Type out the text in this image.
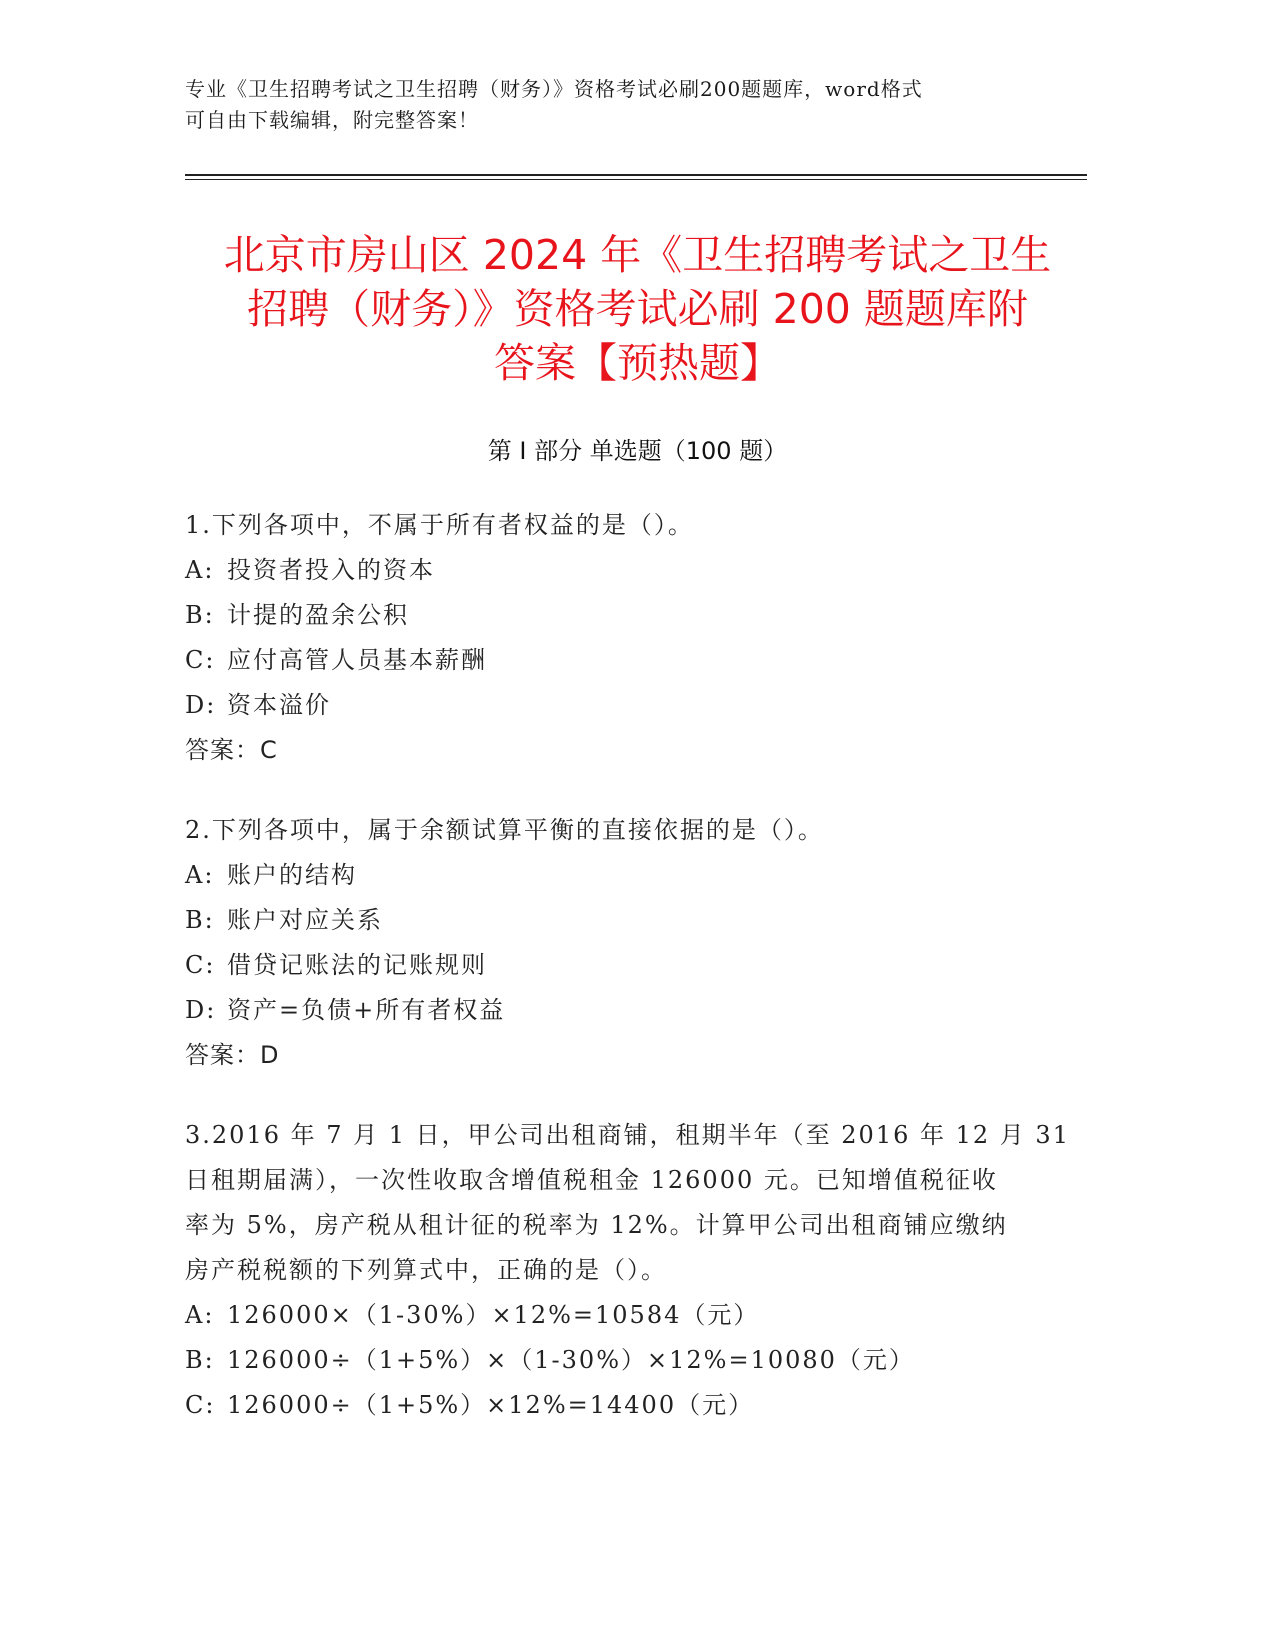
专业《卫生招聘考试之卫生招聘（财务）》资格考试必刷200题题库，word格式
可自由下载编辑，附完整答案！
北京市房山区 2024 年《卫生招聘考试之卫生
招聘（财务）》资格考试必刷 200 题题库附
答案【预热题】
第 I 部分 单选题（100 题）
1.下列各项中，不属于所有者权益的是（）。
A: 投资者投入的资本
B: 计提的盈余公积
C: 应付高管人员基本薪酬
D: 资本溢价
答案：C
2.下列各项中，属于余额试算平衡的直接依据的是（）。
A: 账户的结构
B: 账户对应关系
C: 借贷记账法的记账规则
D: 资产=负债+所有者权益
答案：D
3.2016 年 7 月 1 日，甲公司出租商铺，租期半年（至 2016 年 12 月 31
日租期届满），一次性收取含增值税租金 126000 元。已知增值税征收
率为 5%，房产税从租计征的税率为 12%。计算甲公司出租商铺应缴纳
房产税税额的下列算式中，正确的是（）。
A: 126000×（1-30%）×12%=10584（元）
B: 126000÷（1+5%）×（1-30%）×12%=10080（元）
C: 126000÷（1+5%）×12%=14400（元）
